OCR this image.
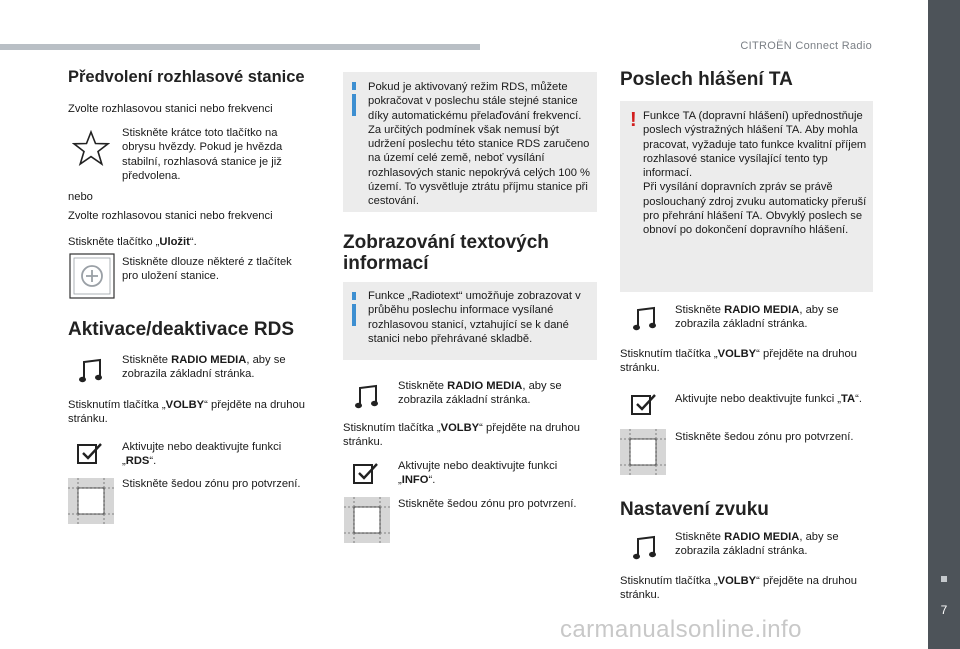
CITROËN Connect Radio
7
carmanualsonline.info
Předvolení rozhlasové stanice

Zvolte rozhlasovou stanici nebo frekvenci

Stiskněte krátce toto tlačítko na obrysu hvězdy. Pokud je hvězda stabilní, rozhlasová stanice je již předvolena.

nebo

Zvolte rozhlasovou stanici nebo frekvenci

Stiskněte tlačítko „Uložit“.

Stiskněte dlouze některé z tlačítek pro uložení stanice.

Aktivace/deaktivace RDS

Stiskněte RADIO MEDIA, aby se zobrazila základní stránka.

Stisknutím tlačítka „VOLBY“ přejděte na druhou stránku.

Aktivujte nebo deaktivujte funkci „RDS“.

Stiskněte šedou zónu pro potvrzení.

Pokud je aktivovaný režim RDS, můžete pokračovat v poslechu stále stejné stanice díky automatickému přelaďování frekvencí. Za určitých podmínek však nemusí být udržení poslechu této stanice RDS zaručeno na území celé země, neboť vysílání rozhlasových stanic nepokrývá celých 100 % území. To vysvětluje ztrátu příjmu stanice při cestování.

Zobrazování textových informací

Funkce „Radiotext“ umožňuje zobrazovat v průběhu poslechu informace vysílané rozhlasovou stanicí, vztahující se k dané stanici nebo přehrávané skladbě.

Stiskněte RADIO MEDIA, aby se zobrazila základní stránka.

Stisknutím tlačítka „VOLBY“ přejděte na druhou stránku.

Aktivujte nebo deaktivujte funkci „INFO“.

Stiskněte šedou zónu pro potvrzení.

Poslech hlášení TA
! Funkce TA (dopravní hlášení) upřednostňuje poslech výstražných hlášení TA. Aby mohla pracovat, vyžaduje tato funkce kvalitní příjem rozhlasové stanice vysílající tento typ informací.
Při vysílání dopravních zpráv se právě poslouchaný zdroj zvuku automaticky přeruší pro přehrání hlášení TA. Obvyklý poslech se obnoví po dokončení dopravního hlášení.

Stiskněte RADIO MEDIA, aby se zobrazila základní stránka.

Stisknutím tlačítka „VOLBY“ přejděte na druhou stránku.

Aktivujte nebo deaktivujte funkci „TA“.

Stiskněte šedou zónu pro potvrzení.

Nastavení zvuku

Stiskněte RADIO MEDIA, aby se zobrazila základní stránka.

Stisknutím tlačítka „VOLBY“ přejděte na druhou stránku.
